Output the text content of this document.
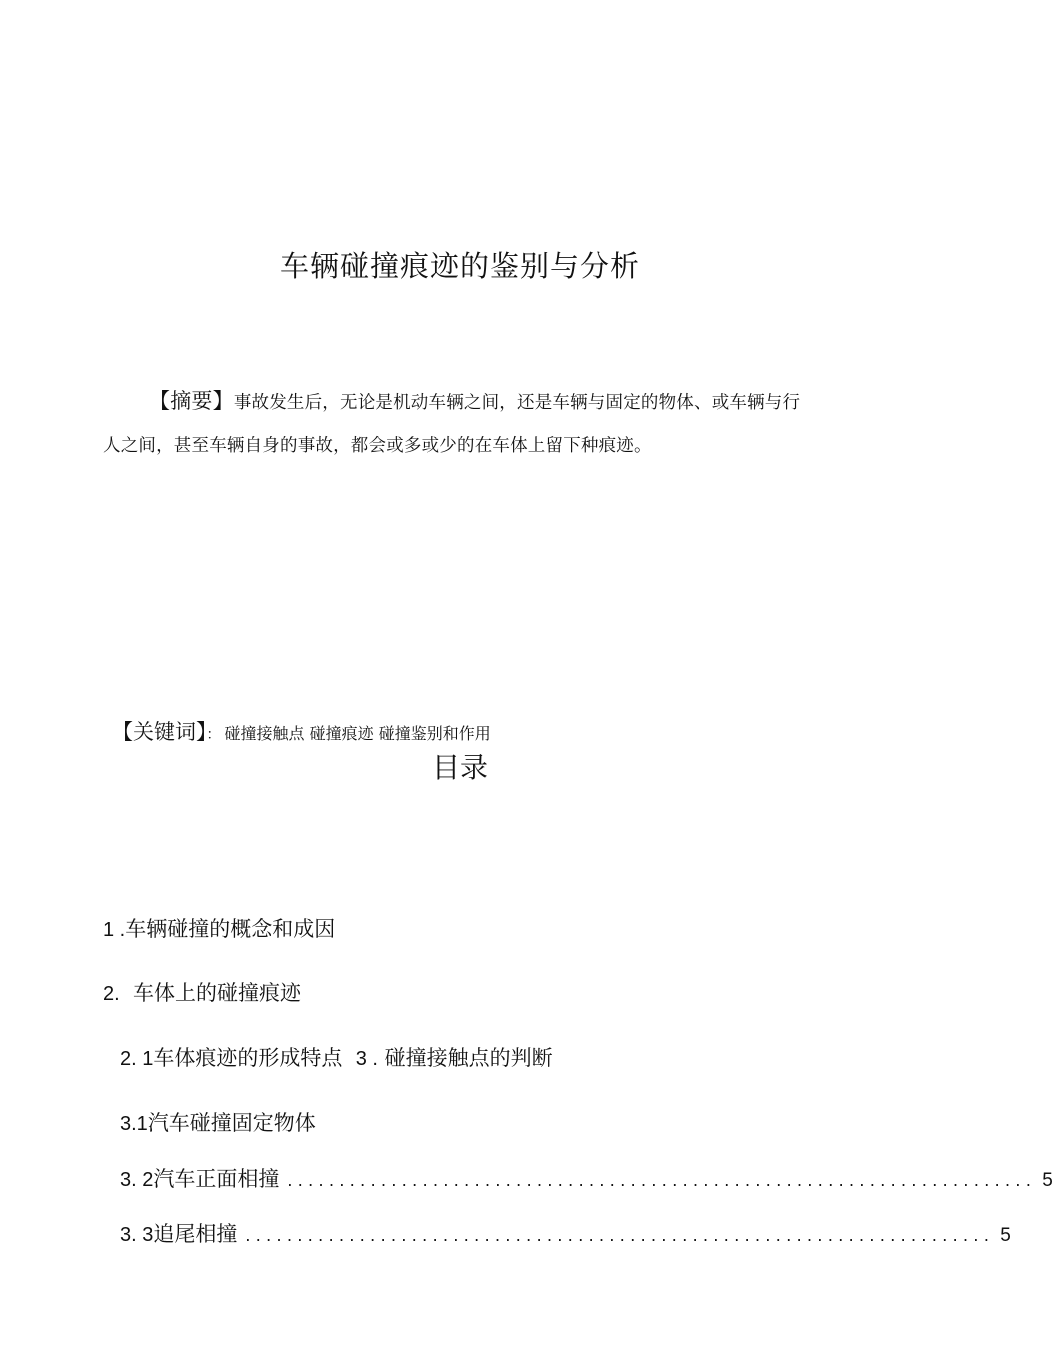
车辆碰撞痕迹的鉴别与分析
【摘要】事故发生后，无论是机动车辆之间，还是车辆与固定的物体、或车辆与行人之间，甚至车辆自身的事故，都会或多或少的在车体上留下种痕迹。
【关键词】： 碰撞接触点 碰撞痕迹 碰撞鉴别和作用
目录
1 .车辆碰撞的概念和成因
2. 车体上的碰撞痕迹
2. 1车体痕迹的形成特点 3 . 碰撞接触点的判断
3.1汽车碰撞固定物体
3. 2 汽车正面相撞 ........................................................................ 5
3. 3 追尾相撞 ........................................................................ 5
